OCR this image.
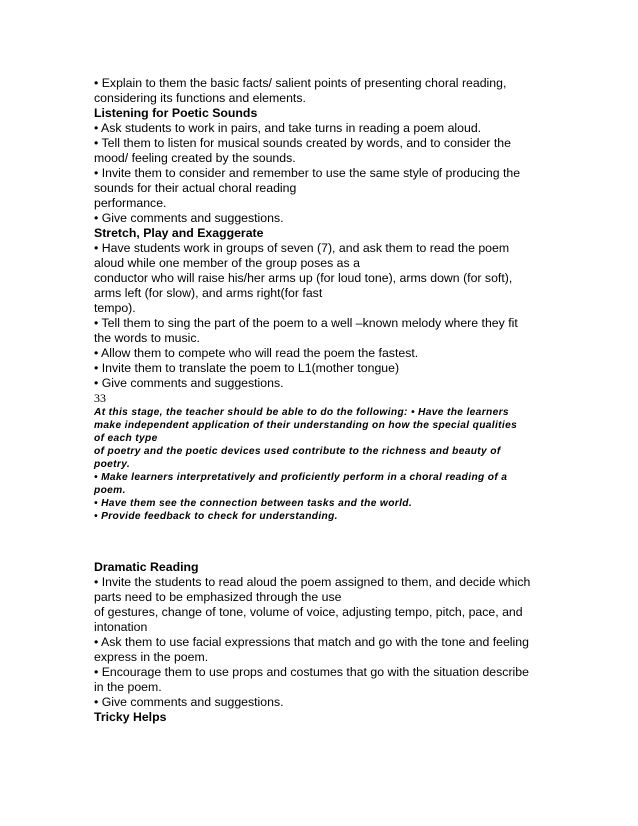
• Explain to them the basic facts/ salient points of presenting choral reading,
considering its functions and elements.
Listening for Poetic Sounds
• Ask students to work in pairs, and take turns in reading a poem aloud.
• Tell them to listen for musical sounds created by words, and to consider the
mood/ feeling created by the sounds.
• Invite them to consider and remember to use the same style of producing the
sounds for their actual choral reading
performance.
• Give comments and suggestions.
Stretch, Play and Exaggerate
• Have students work in groups of seven (7), and ask them to read the poem
aloud while one member of the group poses as a
conductor who will raise his/her arms up (for loud tone), arms down (for soft),
arms left (for slow), and arms right(for fast
tempo).
• Tell them to sing the part of the poem to a well –known melody where they fit
the words to music.
• Allow them to compete who will read the poem the fastest.
• Invite them to translate the poem to L1(mother tongue)
• Give comments and suggestions.
33
At this stage, the teacher should be able to do the following: • Have the learners
make independent application of their understanding on how the special qualities
of each type
of poetry and the poetic devices used contribute to the richness and beauty of
poetry.
• Make learners interpretatively and proficiently perform in a choral reading of a
poem.
• Have them see the connection between tasks and the world.
• Provide feedback to check for understanding.
Dramatic Reading
• Invite the students to read aloud the poem assigned to them, and decide which
parts need to be emphasized through the use
of gestures, change of tone, volume of voice, adjusting tempo, pitch, pace, and
intonation
• Ask them to use facial expressions that match and go with the tone and feeling
express in the poem.
• Encourage them to use props and costumes that go with the situation describe
in the poem.
• Give comments and suggestions.
Tricky Helps
